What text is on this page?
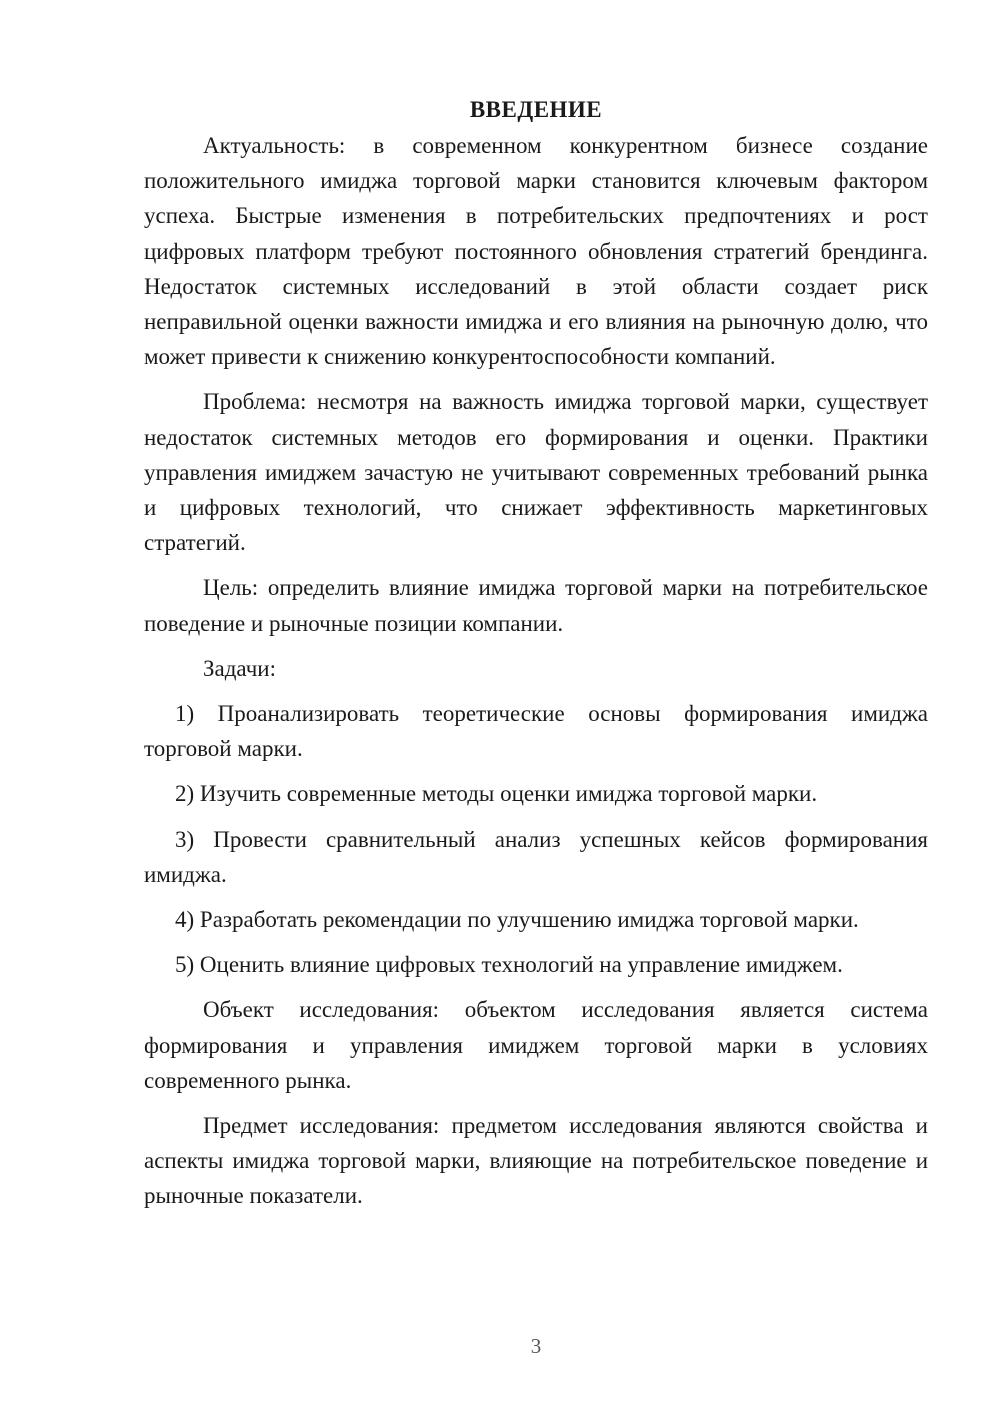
ВВЕДЕНИЕ

Актуальность: в современном конкурентном бизнесе создание положительного имиджа торговой марки становится ключевым фактором успеха. Быстрые изменения в потребительских предпочтениях и рост цифровых платформ требуют постоянного обновления стратегий брендинга. Недостаток системных исследований в этой области создает риск неправильной оценки важности имиджа и его влияния на рыночную долю, что может привести к снижению конкурентоспособности компаний.

Проблема: несмотря на важность имиджа торговой марки, существует недостаток системных методов его формирования и оценки. Практики управления имиджем зачастую не учитывают современных требований рынка и цифровых технологий, что снижает эффективность маркетинговых стратегий.

Цель: определить влияние имиджа торговой марки на потребительское поведение и рыночные позиции компании.

Задачи:

1) Проанализировать теоретические основы формирования имиджа торговой марки.

2) Изучить современные методы оценки имиджа торговой марки.

3) Провести сравнительный анализ успешных кейсов формирования имиджа.

4) Разработать рекомендации по улучшению имиджа торговой марки.

5) Оценить влияние цифровых технологий на управление имиджем.

Объект исследования: объектом исследования является система формирования и управления имиджем торговой марки в условиях современного рынка.

Предмет исследования: предметом исследования являются свойства и аспекты имиджа торговой марки, влияющие на потребительское поведение и рыночные показатели.

3
